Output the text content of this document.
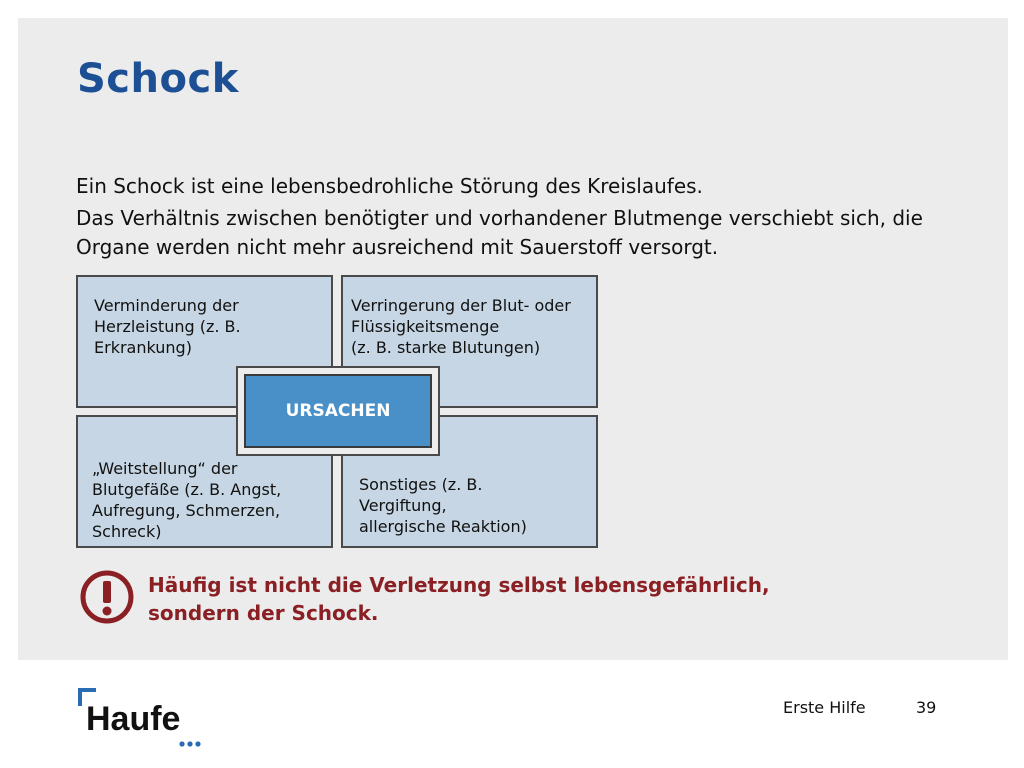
Schock

Ein Schock ist eine lebensbedrohliche Störung des Kreislaufes.

Das Verhältnis zwischen benötigter und vorhandener Blutmenge verschiebt sich, die Organe werden nicht mehr ausreichend mit Sauerstoff versorgt.

Verminderung der
Herzleistung (z. B.
Erkrankung)
Verringerung der Blut- oder
Flüssigkeitsmenge
(z. B. starke Blutungen)
„Weitstellung“ der
Blutgefäße (z. B. Angst,
Aufregung, Schmerzen,
Schreck)
Sonstiges (z. B.
Vergiftung,
allergische Reaktion)
URSACHEN
Häufig ist nicht die Verletzung selbst lebensgefährlich,
sondern der Schock.
Haufe	Erste Hilfe	39
